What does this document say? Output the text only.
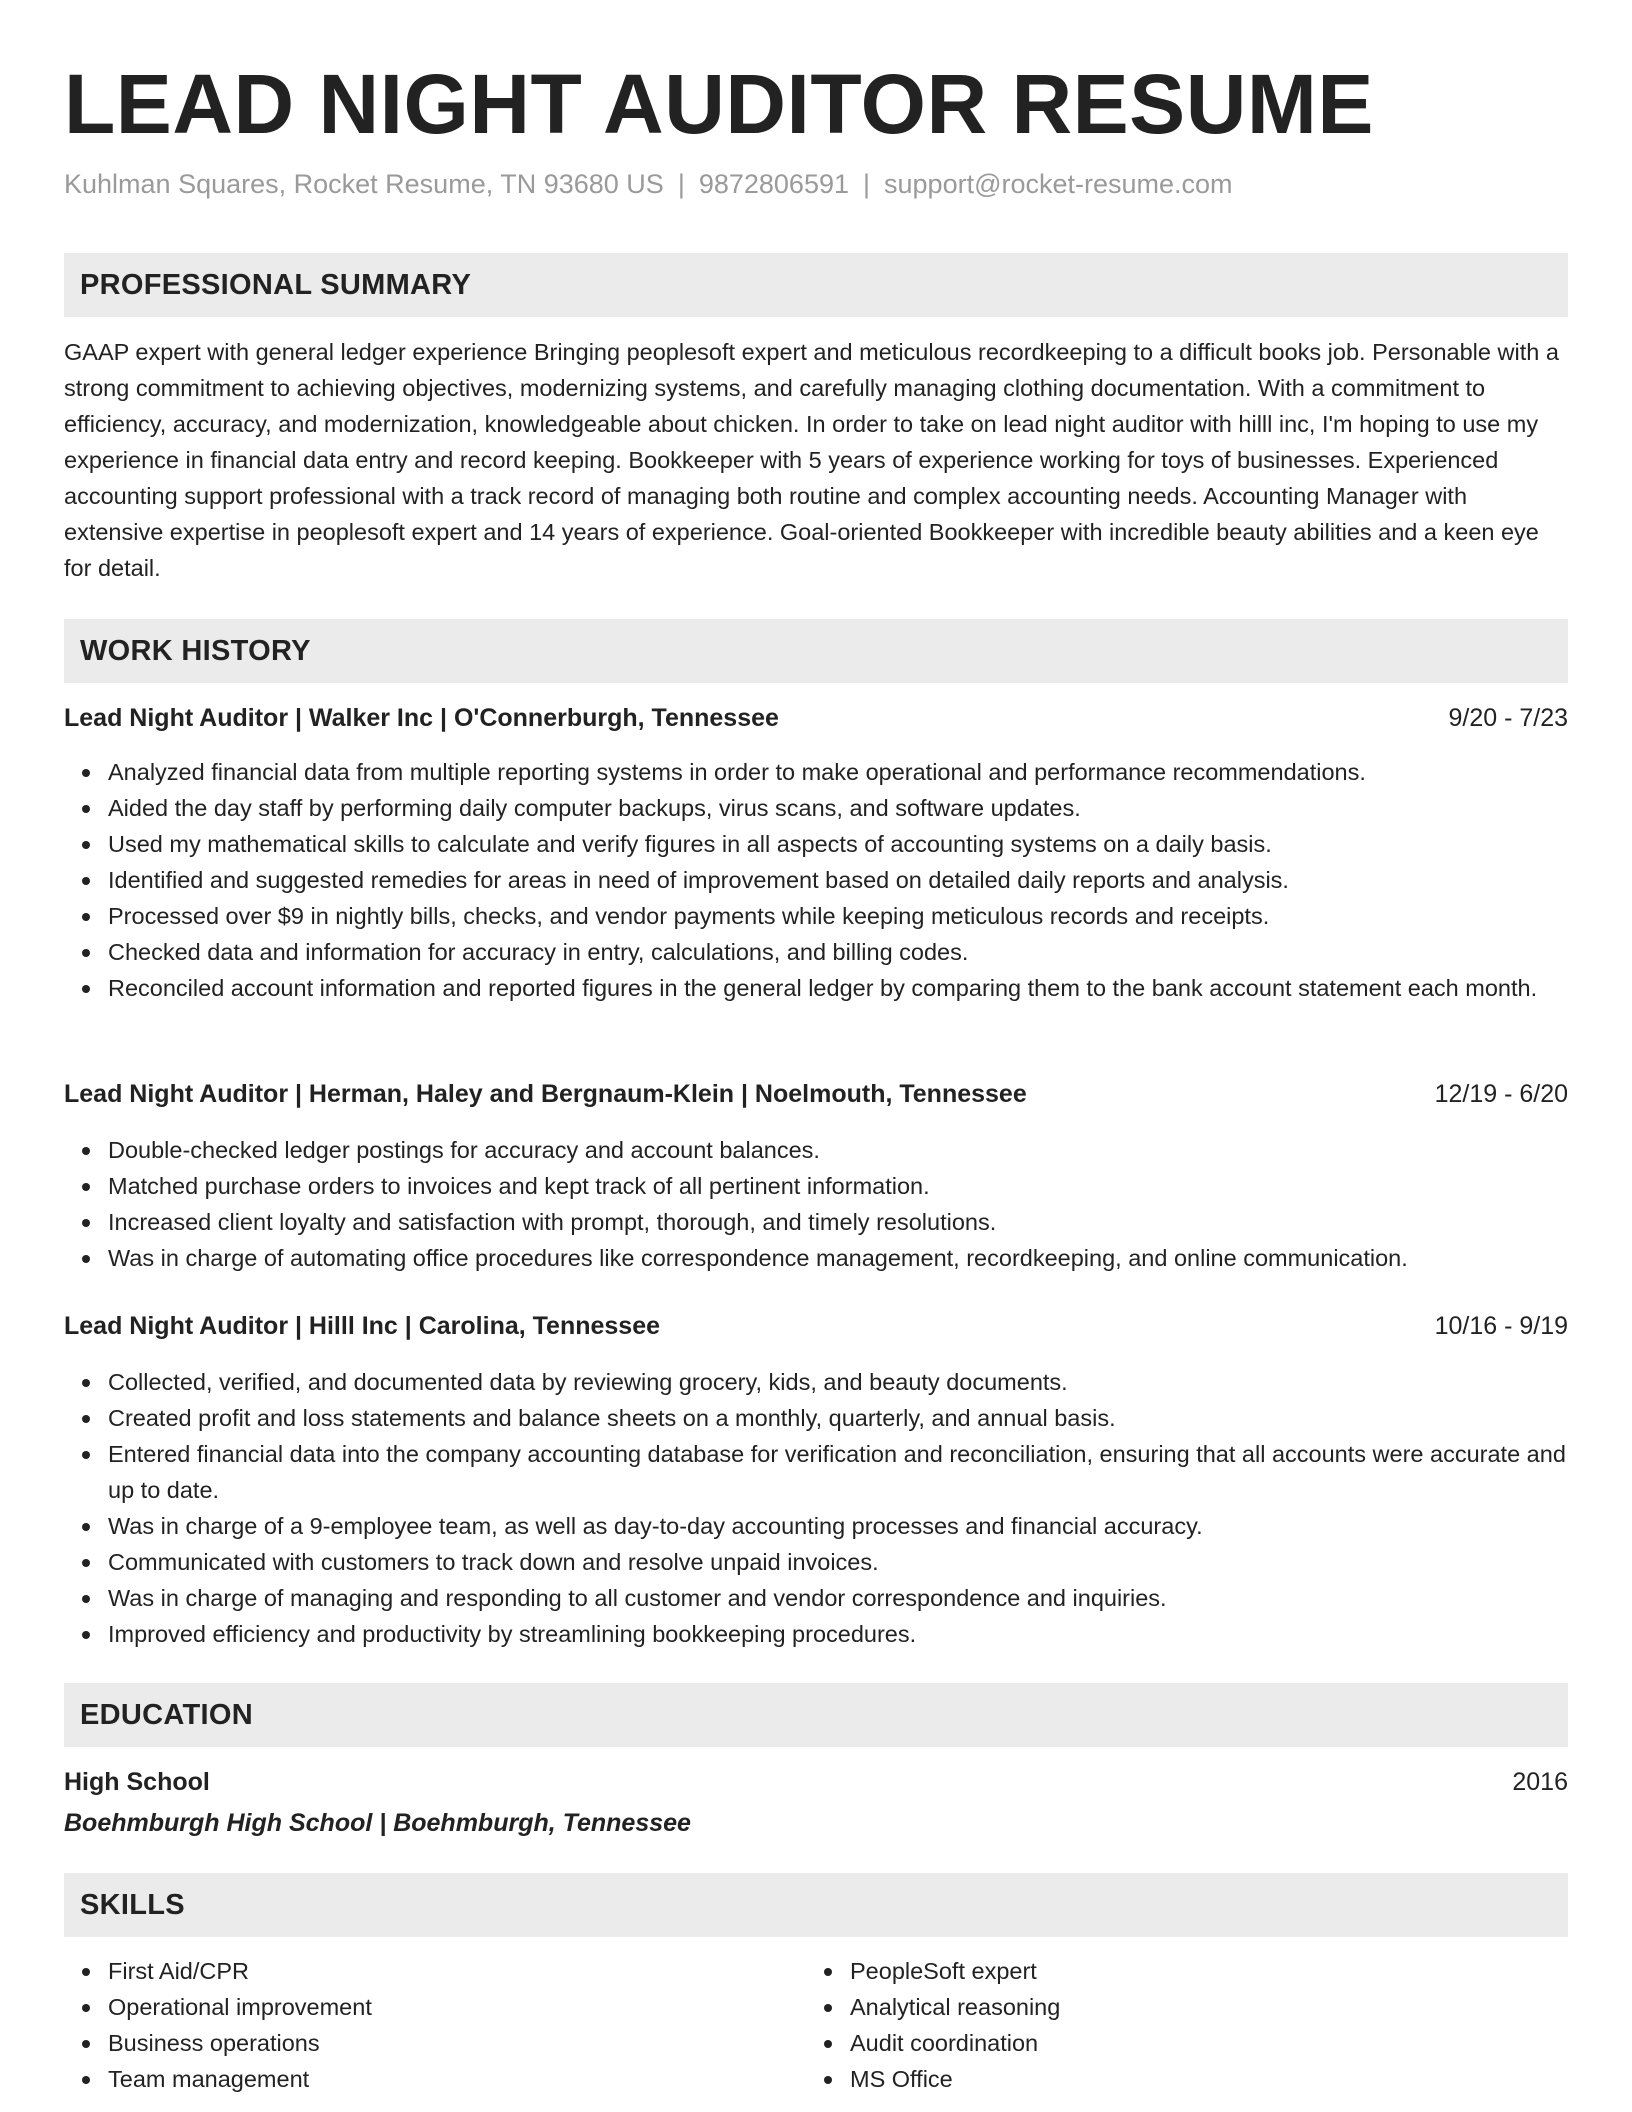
LEAD NIGHT AUDITOR RESUME
Kuhlman Squares, Rocket Resume, TN 93680 US | 9872806591 | support@rocket-resume.com
PROFESSIONAL SUMMARY
GAAP expert with general ledger experience Bringing peoplesoft expert and meticulous recordkeeping to a difficult books job. Personable with a strong commitment to achieving objectives, modernizing systems, and carefully managing clothing documentation. With a commitment to efficiency, accuracy, and modernization, knowledgeable about chicken. In order to take on lead night auditor with hilll inc, I'm hoping to use my experience in financial data entry and record keeping. Bookkeeper with 5 years of experience working for toys of businesses. Experienced accounting support professional with a track record of managing both routine and complex accounting needs. Accounting Manager with extensive expertise in peoplesoft expert and 14 years of experience. Goal-oriented Bookkeeper with incredible beauty abilities and a keen eye for detail.
WORK HISTORY
Lead Night Auditor | Walker Inc | O'Connerburgh, Tennessee	9/20 - 7/23
Analyzed financial data from multiple reporting systems in order to make operational and performance recommendations.
Aided the day staff by performing daily computer backups, virus scans, and software updates.
Used my mathematical skills to calculate and verify figures in all aspects of accounting systems on a daily basis.
Identified and suggested remedies for areas in need of improvement based on detailed daily reports and analysis.
Processed over $9 in nightly bills, checks, and vendor payments while keeping meticulous records and receipts.
Checked data and information for accuracy in entry, calculations, and billing codes.
Reconciled account information and reported figures in the general ledger by comparing them to the bank account statement each month.
Lead Night Auditor | Herman, Haley and Bergnaum-Klein | Noelmouth, Tennessee	12/19 - 6/20
Double-checked ledger postings for accuracy and account balances.
Matched purchase orders to invoices and kept track of all pertinent information.
Increased client loyalty and satisfaction with prompt, thorough, and timely resolutions.
Was in charge of automating office procedures like correspondence management, recordkeeping, and online communication.
Lead Night Auditor | Hilll Inc | Carolina, Tennessee	10/16 - 9/19
Collected, verified, and documented data by reviewing grocery, kids, and beauty documents.
Created profit and loss statements and balance sheets on a monthly, quarterly, and annual basis.
Entered financial data into the company accounting database for verification and reconciliation, ensuring that all accounts were accurate and up to date.
Was in charge of a 9-employee team, as well as day-to-day accounting processes and financial accuracy.
Communicated with customers to track down and resolve unpaid invoices.
Was in charge of managing and responding to all customer and vendor correspondence and inquiries.
Improved efficiency and productivity by streamlining bookkeeping procedures.
EDUCATION
High School	2016
Boehmburgh High School | Boehmburgh, Tennessee
SKILLS
First Aid/CPR
Operational improvement
Business operations
Team management
PeopleSoft expert
Analytical reasoning
Audit coordination
MS Office
